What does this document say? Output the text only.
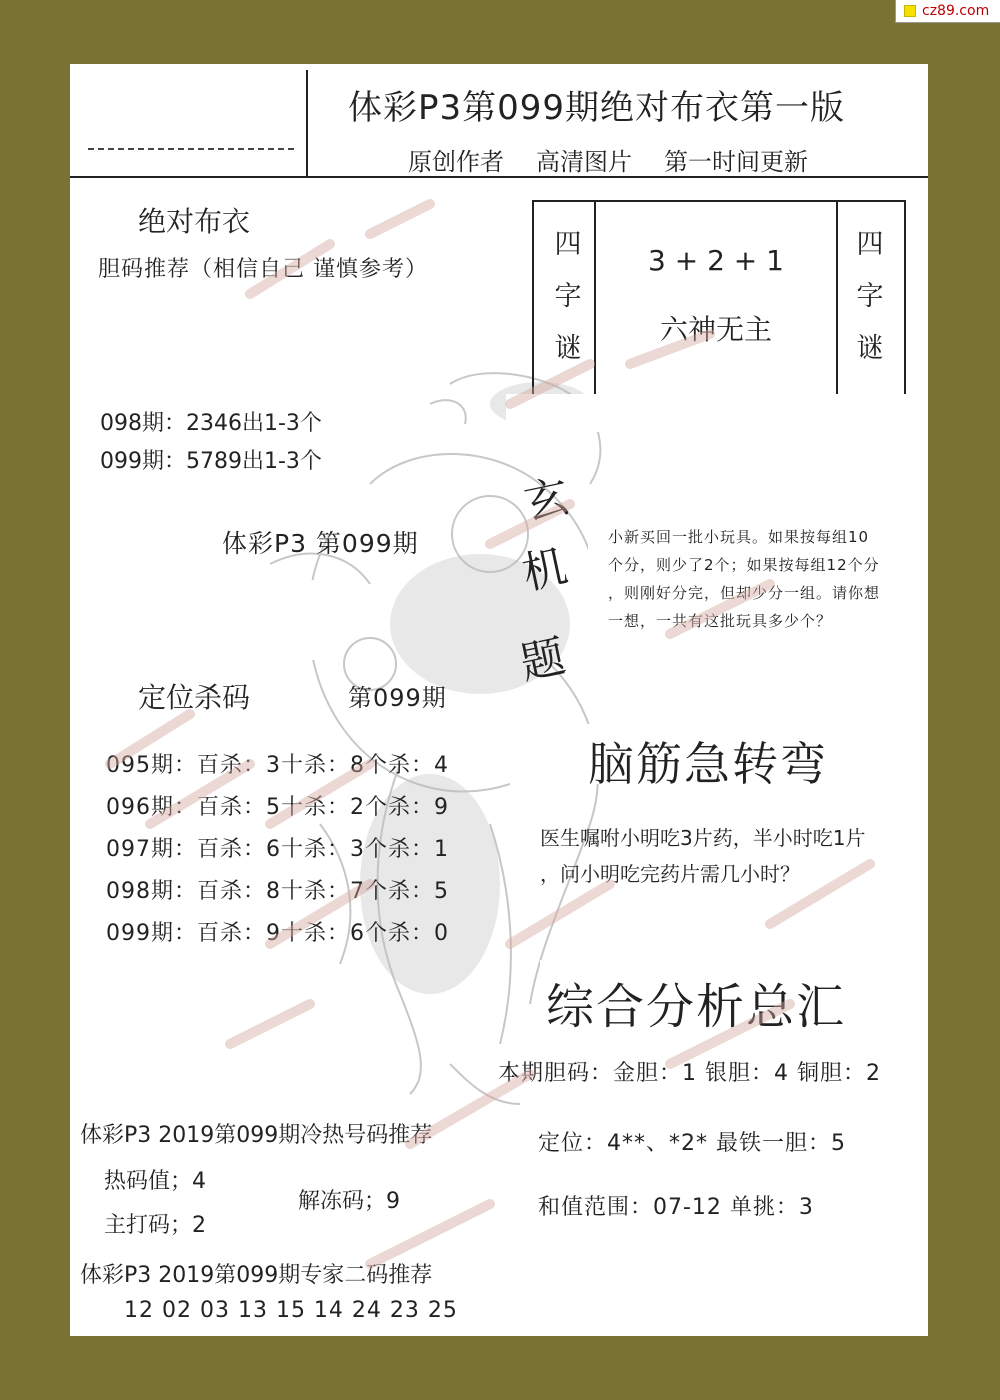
cz89.com
体彩P3第099期绝对布衣第一版
原创作者 高清图片 第一时间更新
绝对布衣
胆码推荐（相信自己 谨慎参考）
四
字
谜
四
字
谜
3 + 2 + 1
六神无主
098期：2346出1-3个
099期：5789出1-3个
体彩P3 第099期
玄
机
题
小新买回一批小玩具。如果按每组10
个分，则少了2个；如果按每组12个分
，则刚好分完，但却少分一组。请你想
一想，一共有这批玩具多少个？
定位杀码	第099期
095期：百杀：3十杀：8个杀：4
096期：百杀：5十杀：2个杀：9
097期：百杀：6十杀：3个杀：1
098期：百杀：8十杀：7个杀：5
099期：百杀：9十杀：6个杀：0
脑筋急转弯
医生嘱咐小明吃3片药，半小时吃1片
，问小明吃完药片需几小时？
综合分析总汇
本期胆码：金胆：1 银胆：4 铜胆：2
定位：4**、*2* 最铁一胆：5
和值范围：07-12 单挑：3
体彩P3 2019第099期冷热号码推荐
热码值；4
主打码；2
解冻码；9
体彩P3 2019第099期专家二码推荐
12 02 03 13 15 14 24 23 25
